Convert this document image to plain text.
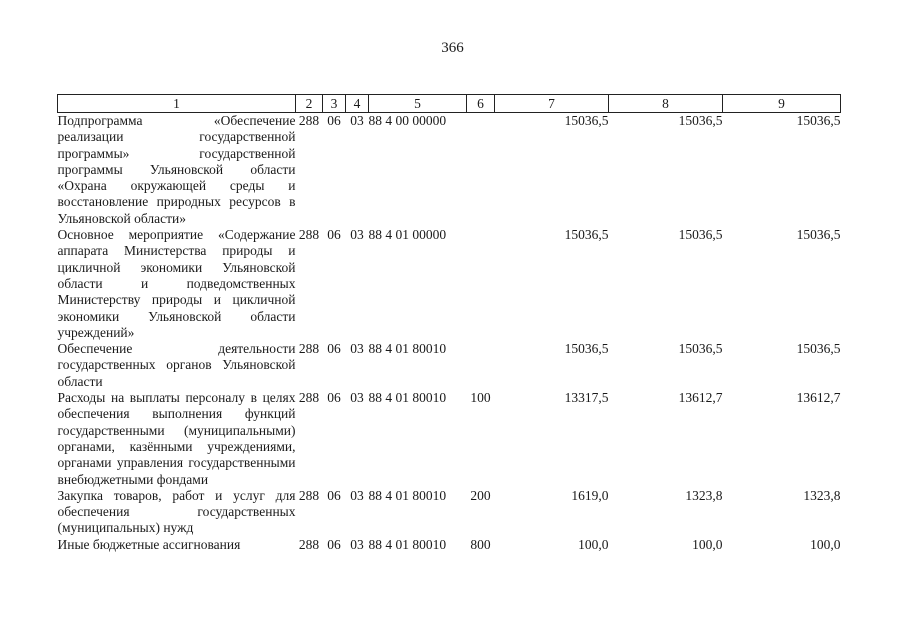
366
1	2	3	4	5	6	7	8	9
Подпрограмма «Обеспечение реализации государственной программы» государственной программы Ульяновской области «Охрана окружающей среды и восстановление природных ресурсов в Ульяновской области»	288	06	03	88 4 00 00000		15036,5	15036,5	15036,5
Основное мероприятие «Содержание аппарата Министерства природы и цикличной экономики Ульяновской области и подведомственных Министерству природы и цикличной экономики Ульяновской области учреждений»	288	06	03	88 4 01 00000		15036,5	15036,5	15036,5
Обеспечение деятельности государственных органов Ульяновской области	288	06	03	88 4 01 80010		15036,5	15036,5	15036,5
Расходы на выплаты персоналу в целях обеспечения выполнения функций государственными (муниципальными) органами, казёнными учреждениями, органами управления государственными внебюджетными фондами	288	06	03	88 4 01 80010	100	13317,5	13612,7	13612,7
Закупка товаров, работ и услуг для обеспечения государственных (муниципальных) нужд	288	06	03	88 4 01 80010	200	1619,0	1323,8	1323,8
Иные бюджетные ассигнования	288	06	03	88 4 01 80010	800	100,0	100,0	100,0
